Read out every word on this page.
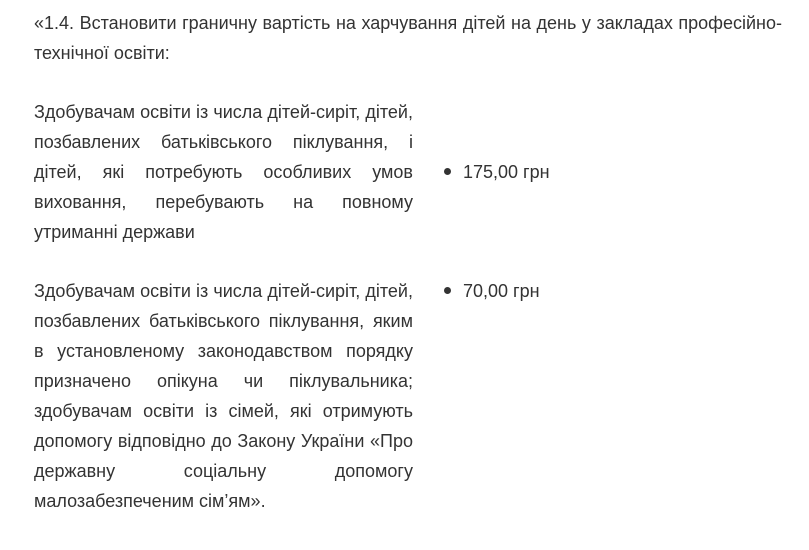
«1.4. Встановити граничну вартість на харчування дітей на день у закладах професійно-технічної освіти:

Здобувачам освіти із числа дітей-сиріт, дітей, позбавлених батьківського піклування, і дітей, які потребують особливих умов виховання, перебувають на повному утриманні держави

175,00 грн

Здобувачам освіти із числа дітей-сиріт, дітей, позбавлених батьківського піклування, яким в установленому законодавством порядку призначено опікуна чи піклувальника; здобувачам освіти із сімей, які отримують допомогу відповідно до Закону України «Про державну соціальну допомогу малозабезпеченим сім’ям».

70,00 грн
